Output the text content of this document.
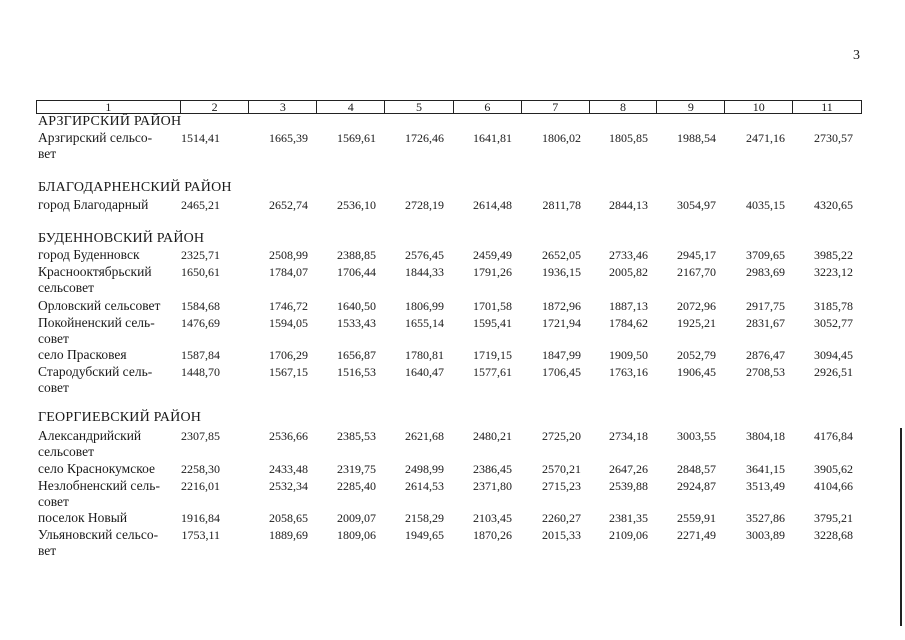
3
1	2	3	4	5	6	7	8	9	10	11
АРЗГИРСКИЙ РАЙОН
Арзгирский сельсо-
вет
1514,41	1665,39 1569,61 1726,46 1641,81	1806,02 1805,85 1988,54	2471,16 2730,57
БЛАГОДАРНЕНСКИЙ РАЙОН
город Благодарный	2465,21	2652,74 2536,10 2728,19 2614,48	2811,78 2844,13 3054,97	4035,15 4320,65
БУДЕННОВСКИЙ РАЙОН
город Буденновск	2325,71	2508,99 2388,85 2576,45 2459,49	2652,05 2733,46 2945,17	3709,65 3985,22
Краснооктябрьский
сельсовет
1650,61	1784,07 1706,44 1844,33 1791,26	1936,15 2005,82 2167,70	2983,69 3223,12
Орловский сельсовет	1584,68	1746,72 1640,50 1806,99 1701,58	1872,96 1887,13 2072,96	2917,75 3185,78
Покойненский сель-
совет
1476,69	1594,05 1533,43 1655,14 1595,41	1721,94 1784,62 1925,21	2831,67 3052,77
село Прасковея	1587,84	1706,29 1656,87 1780,81 1719,15	1847,99 1909,50 2052,79	2876,47 3094,45
Стародубский сель-
совет
1448,70	1567,15 1516,53 1640,47 1577,61	1706,45 1763,16 1906,45	2708,53 2926,51
ГЕОРГИЕВСКИЙ РАЙОН
Александрийский
сельсовет
2307,85	2536,66 2385,53 2621,68 2480,21	2725,20 2734,18 3003,55	3804,18 4176,84
село Краснокумское	2258,30	2433,48 2319,75 2498,99 2386,45	2570,21 2647,26 2848,57	3641,15 3905,62
Незлобненский сель-
совет
2216,01	2532,34 2285,40 2614,53 2371,80	2715,23 2539,88 2924,87	3513,49 4104,66
поселок Новый	1916,84	2058,65 2009,07 2158,29 2103,45	2260,27 2381,35 2559,91	3527,86 3795,21
Ульяновский сельсо-
вет
1753,11	1889,69 1809,06 1949,65 1870,26	2015,33 2109,06 2271,49	3003,89 3228,68
